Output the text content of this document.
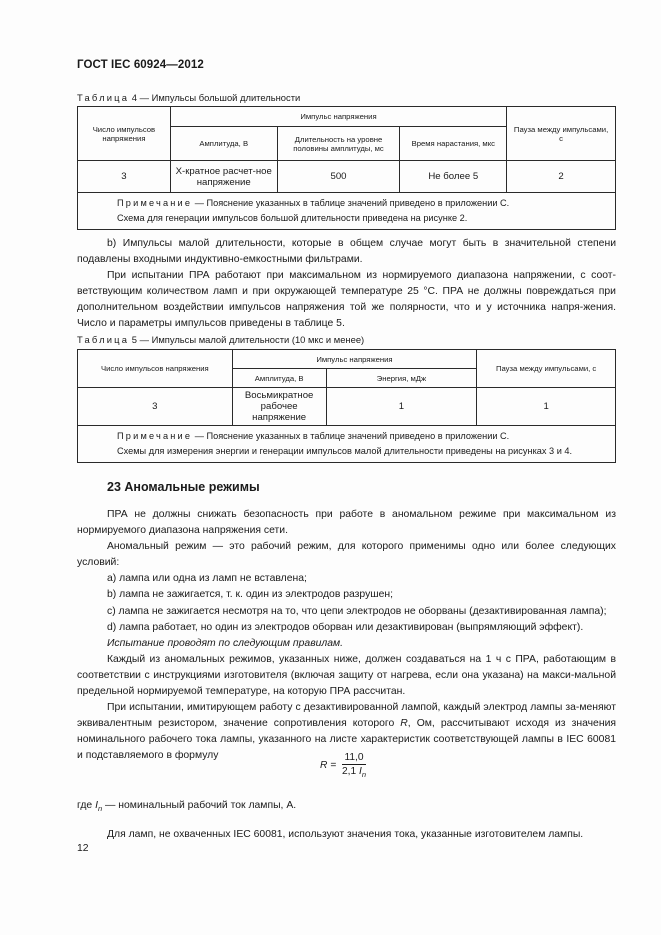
ГОСТ IEC 60924—2012
Таблица 4 — Импульсы большой длительности
Число импульсов напряжения	Импульс напряжения			Пауза между импульсами, с
	Амплитуда, В	Длительность на уровне половины амплитуды, мс	Время нарастания, мкс	
3	Х-кратное расчет-ное напряжение	500	Не более 5	2
Примечание — Пояснение указанных в таблице значений приведено в приложении С.
Схема для генерации импульсов большой длительности приведена на рисунке 2.				

b) Импульсы малой длительности, которые в общем случае могут быть в значительной степени подавлены входными индуктивно-емкостными фильтрами.

При испытании ПРА работают при максимальном из нормируемого диапазона напряжении, с соот-ветствующим количеством ламп и при окружающей температуре 25 °С. ПРА не должны повреждаться при дополнительном воздействии импульсов напряжения той же полярности, что и у источника напря-жения. Число и параметры импульсов приведены в таблице 5.

Таблица 5 — Импульсы малой длительности (10 мкс и менее)
Число импульсов напряжения	Импульс напряжения		Пауза между импульсами, с
	Амплитуда, В	Энергия, мДж	
3	Восьмикратное рабочее напряжение	1	1
Примечание — Пояснение указанных в таблице значений приведено в приложении С.
Схемы для измерения энергии и генерации импульсов малой длительности приведены на рисунках 3 и 4.			
23 Аномальные режимы

ПРА не должны снижать безопасность при работе в аномальном режиме при максимальном из нормируемого диапазона напряжения сети.

Аномальный режим — это рабочий режим, для которого применимы одно или более следующих условий:

a) лампа или одна из ламп не вставлена;

b) лампа не зажигается, т. к. один из электродов разрушен;

c) лампа не зажигается несмотря на то, что цепи электродов не оборваны (дезактивированная лампа);

d) лампа работает, но один из электродов оборван или дезактивирован (выпрямляющий эффект).

Испытание проводят по следующим правилам.

Каждый из аномальных режимов, указанных ниже, должен создаваться на 1 ч с ПРА, работающим в соответствии с инструкциями изготовителя (включая защиту от нагрева, если она указана) на макси-мальной предельной нормируемой температуре, на которую ПРА рассчитан.

При испытании, имитирующем работу с дезактивированной лампой, каждый электрод лампы за-меняют эквивалентным резистором, значение сопротивления которого R, Ом, рассчитывают исходя из значения номинального рабочего тока лампы, указанного на листе характеристик соответствующей лампы в IEC 60081 и подставляемого в формулу

$R = \frac{11,0}{2,1 I_n}$

где $I_n$ — номинальный рабочий ток лампы, А.

Для ламп, не охваченных IEC 60081, используют значения тока, указанные изготовителем лампы.

12
